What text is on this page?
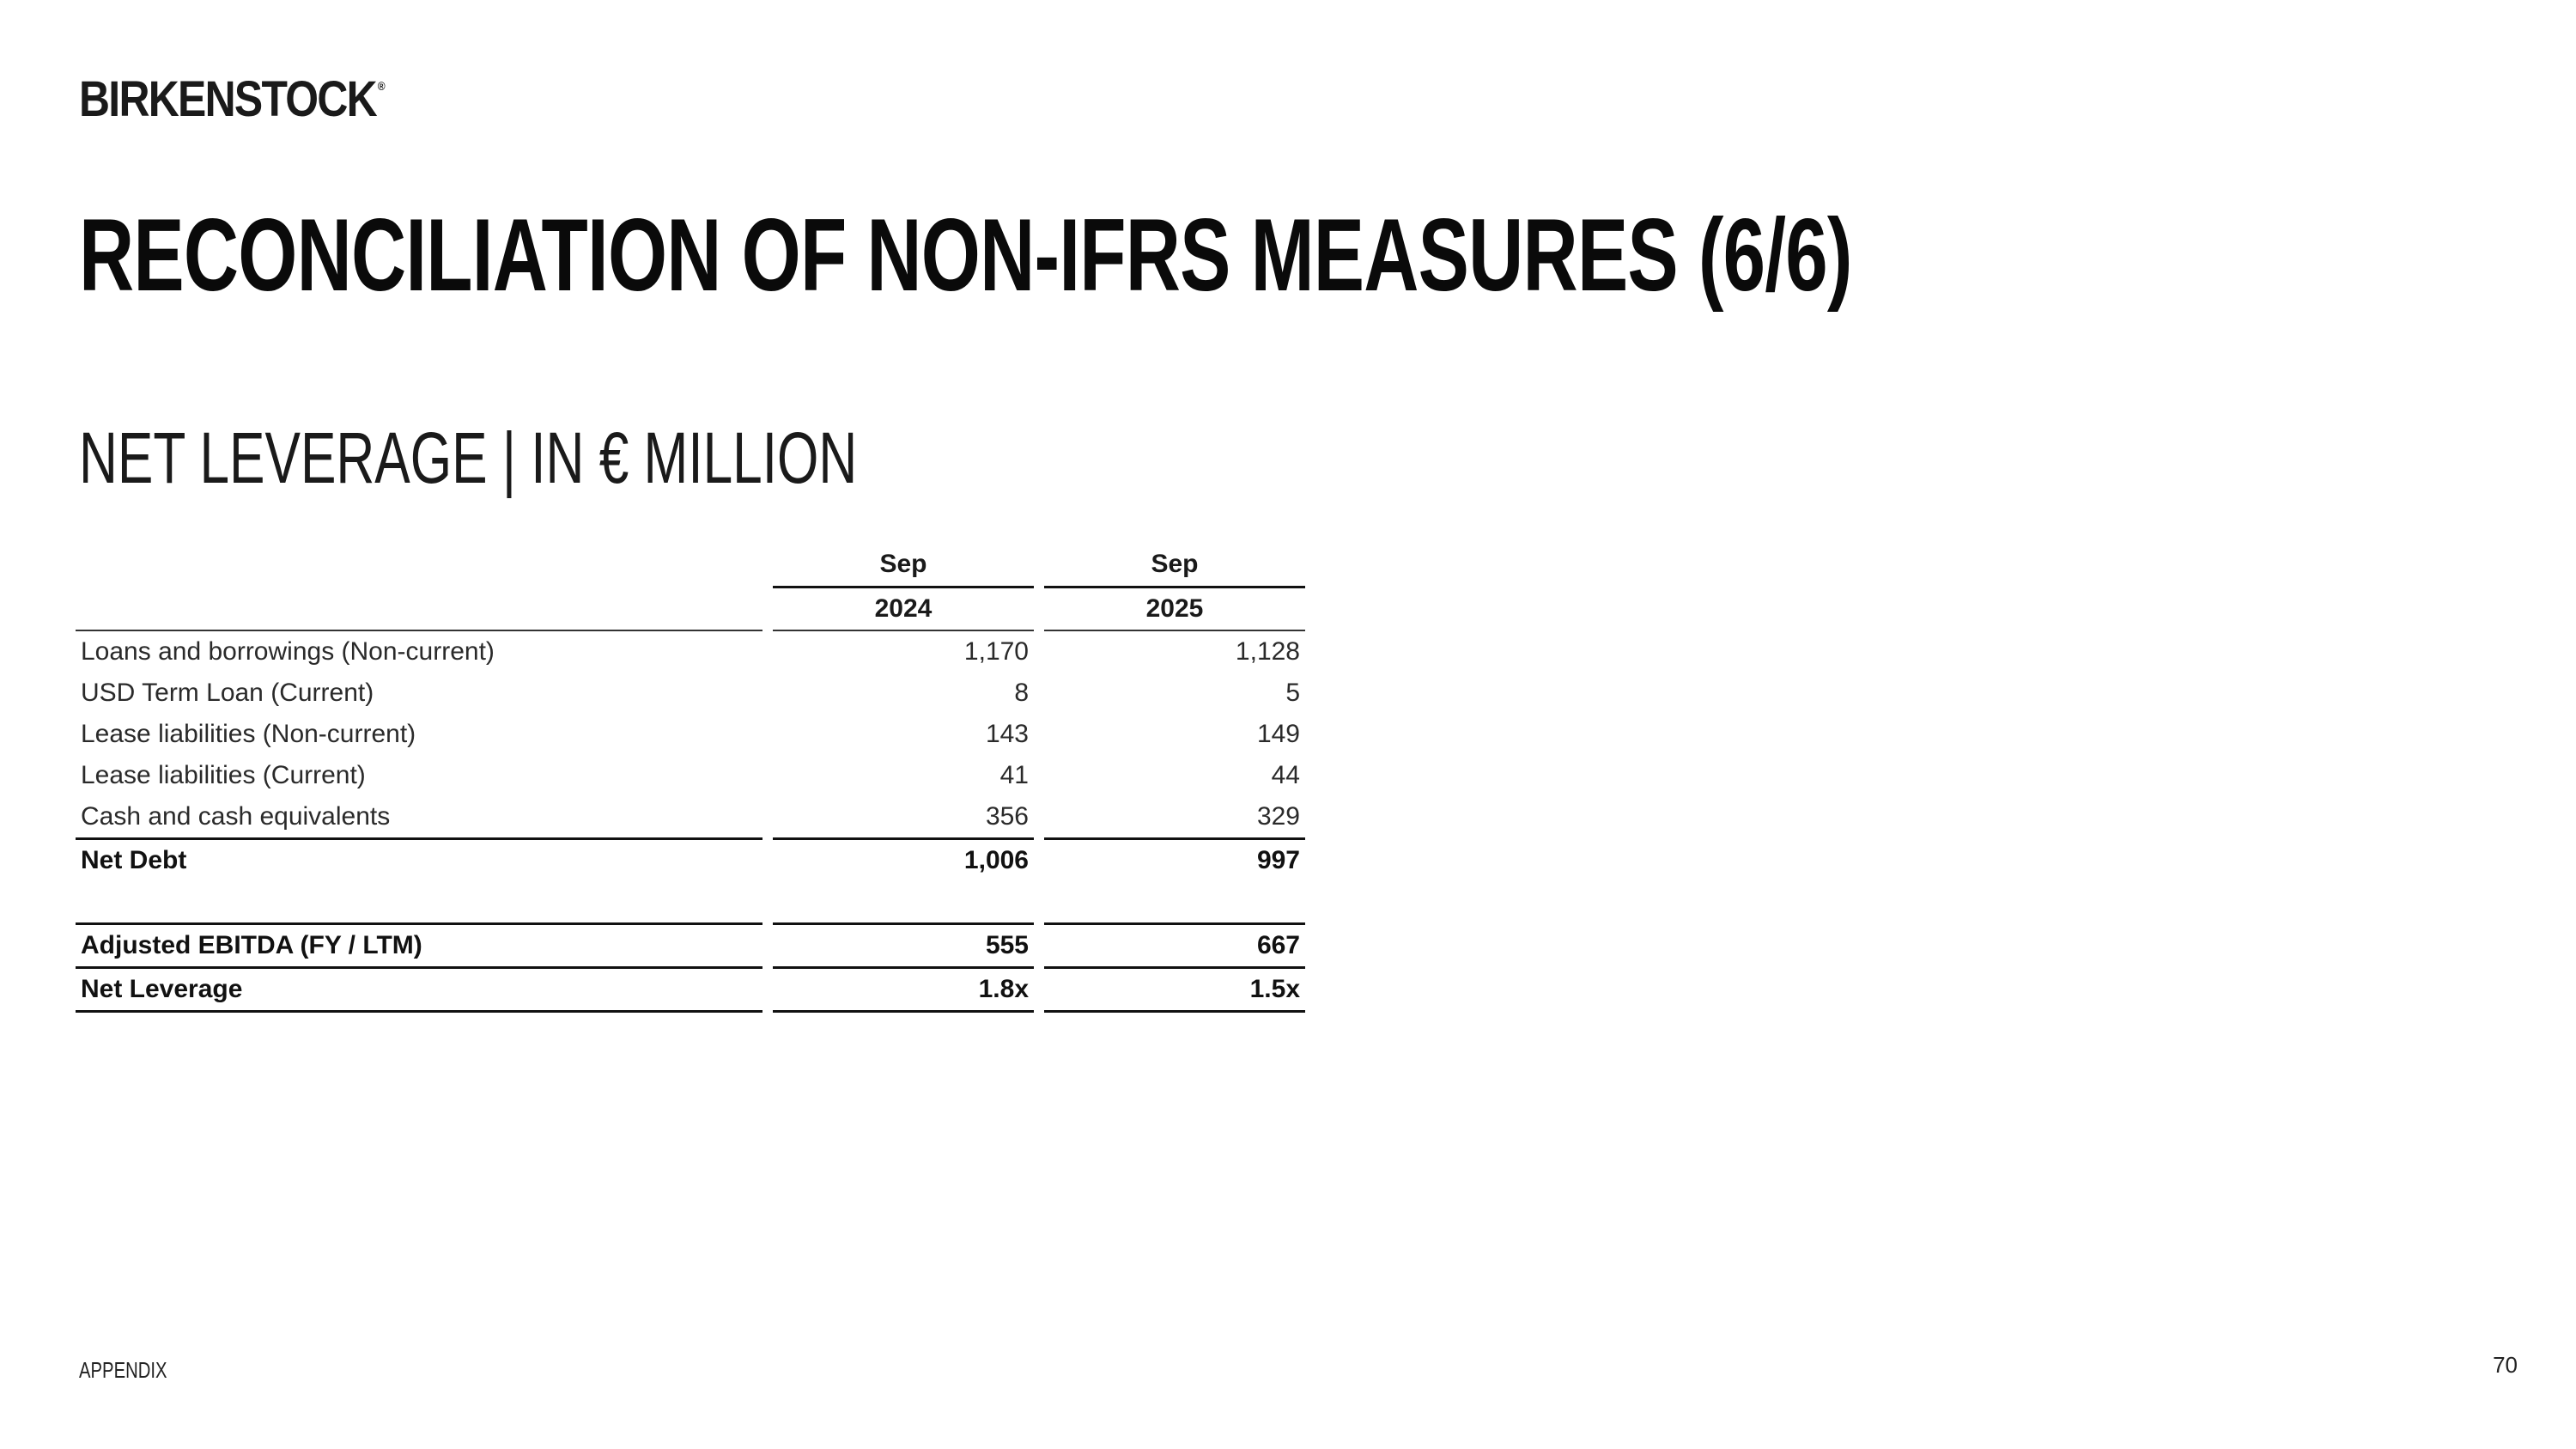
BIRKENSTOCK ®
RECONCILIATION OF NON-IFRS MEASURES (6/6)
NET LEVERAGE | IN € MILLION
		Sep		Sep
		2024		2025
Loans and borrowings (Non-current)		1,170		1,128
USD Term Loan (Current)		8		5
Lease liabilities (Non-current)		143		149
Lease liabilities (Current)		41		44
Cash and cash equivalents		356		329
Net Debt		1,006		997

Adjusted EBITDA (FY / LTM)		555		667
Net Leverage		1.8x		1.5x
APPENDIX	70
